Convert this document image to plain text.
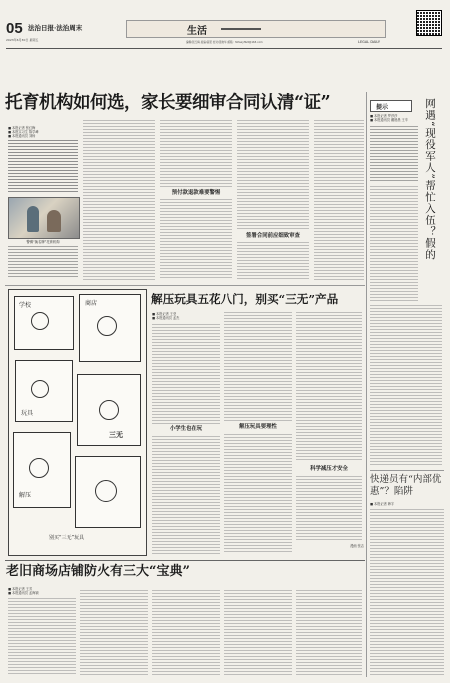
05 法治日报·法治周末
2023年6月30日 星期五
生活
LEGAL DAILY
编辑/张红梅 美编/高恩 校对/张晓华 邮箱：fzrbwyfbzt@163.com
托育机构如何选，家长要细审合同认清“证”
■ 本报记者 张红梅
■ 本报实习生 陈学峰
■ 本报通讯员 刘杨
警惕“换名牌”托育机构
预付款退款难要警惕
签署合同前应细致审查
提示
■ 本报记者 罗莎莎
■ 本报通讯员 戴晨晨 王辛	网遇“现役军人”帮忙入伍？假的
快递员有“内部优惠”？陷阱
■ 本报记者 韩宇
学校	商店
玩具
三无
解压
别买“三无”玩具
解压玩具五花八门，别买“三无”产品
■ 本报记者 王莹
■ 本报通讯员 孟杰
小学生也在玩	解压玩具要理性
科学减压才安全
漫画 张志
老旧商场店铺防火有三大“宝典”
■ 本报记者 王芳
■ 本报通讯员 孟海颖
